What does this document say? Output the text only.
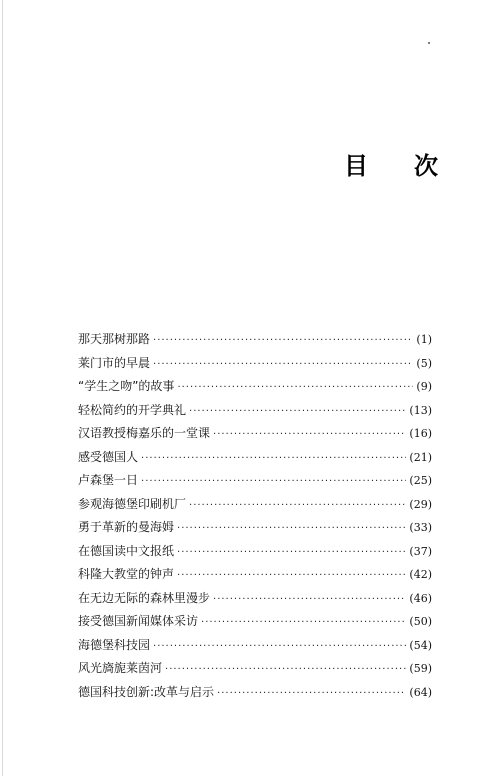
目 次
那天那树那路 ·····	(1)
莱门市的早晨 ·····	(5)
“学生之吻”的故事 ·····	(9)
轻松简约的开学典礼 ·····	(13)
汉语教授梅嘉乐的一堂课 ·····	(16)
感受德国人 ·····	(21)
卢森堡一日 ·····	(25)
参观海德堡印刷机厂 ·····	(29)
勇于革新的曼海姆 ·····	(33)
在德国读中文报纸 ·····	(37)
科隆大教堂的钟声 ·····	(42)
在无边无际的森林里漫步 ·····	(46)
接受德国新闻媒体采访 ·····	(50)
海德堡科技园 ·····	(54)
风光旖旎莱茵河 ·····	(59)
德国科技创新:改革与启示 ·····	(64)
